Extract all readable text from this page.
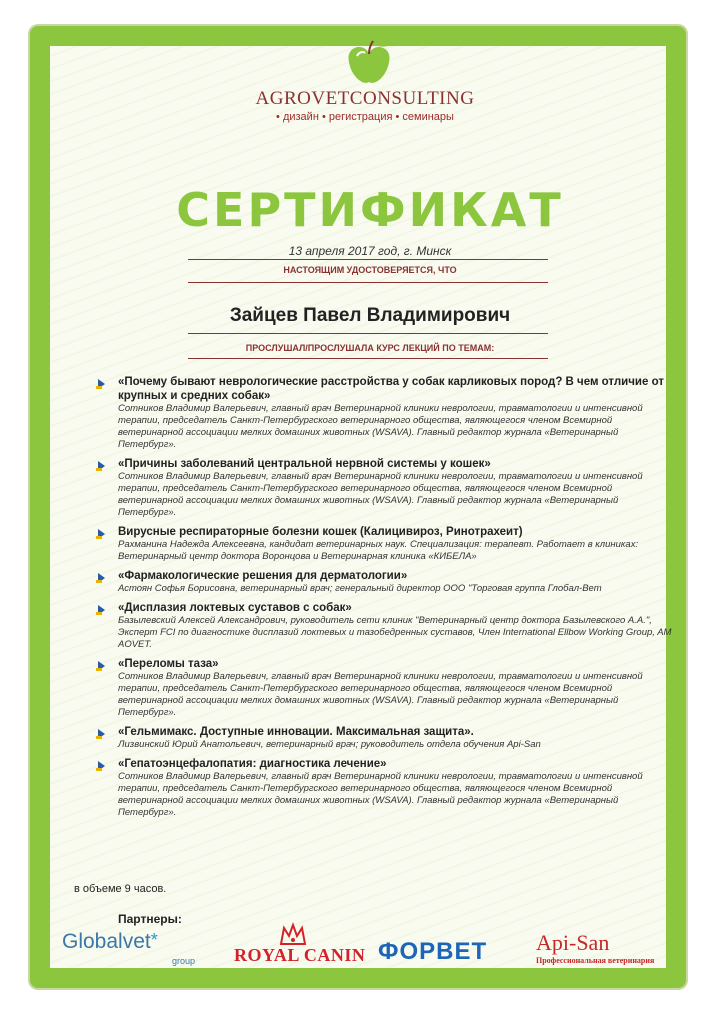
AGROVETCONSULTING
• дизайн • регистрация • семинары
СЕРТИФИКАТ
13 апреля 2017 год, г. Минск
НАСТОЯЩИМ УДОСТОВЕРЯЕТСЯ, ЧТО
Зайцев Павел Владимирович
ПРОСЛУШАЛ/ПРОСЛУШАЛА КУРС ЛЕКЦИЙ ПО ТЕМАМ:
«Почему бывают неврологические расстройства у собак карликовых пород? В чем отличие от крупных и средних собак»
Сотников Владимир Валерьевич, главный врач Ветеринарной клиники неврологии, травматологии и интенсивной терапии, председатель Санкт-Петербургского ветеринарного общества, являющегося членом Всемирной ветеринарной ассоциации мелких домашних животных (WSAVA). Главный редактор журнала «Ветеринарный Петербург».
«Причины заболеваний центральной нервной системы у кошек»
Сотников Владимир Валерьевич, главный врач Ветеринарной клиники неврологии, травматологии и интенсивной терапии, председатель Санкт-Петербургского ветеринарного общества, являющегося членом Всемирной ветеринарной ассоциации мелких домашних животных (WSAVA). Главный редактор журнала «Ветеринарный Петербург».
Вирусные респираторные болезни кошек (Калицивироз, Ринотрахеит)
Рахманина Надежда Алексеевна, кандидат ветеринарных наук. Специализация: терапевт. Работает в клиниках: Ветеринарный центр доктора Воронцова и Ветеринарная клиника «КИБЕЛА»
«Фармакологические решения для дерматологии»
Астоян Софья Борисовна, ветеринарный врач; генеральный директор ООО "Торговая группа Глобал-Вет
«Дисплазия локтевых суставов с собак»
Базылевский Алексей Александрович, руководитель сети клиник "Ветеринарный центр доктора Базылевского А.А.", Эксперт FCI по диагностике дисплазий локтевых и тазобедренных суставов, Член International Ellbow Working Group, AM AOVET.
«Переломы таза»
Сотников Владимир Валерьевич, главный врач Ветеринарной клиники неврологии, травматологии и интенсивной терапии, председатель Санкт-Петербургского ветеринарного общества, являющегося членом Всемирной ветеринарной ассоциации мелких домашних животных (WSAVA). Главный редактор журнала «Ветеринарный Петербург».
«Гельмимакс. Доступные инновации. Максимальная защита».
Лизвинский Юрий Анатольевич, ветеринарный врач; руководитель отдела обучения Api-San
«Гепатоэнцефалопатия: диагностика лечение»
Сотников Владимир Валерьевич, главный врач Ветеринарной клиники неврологии, травматологии и интенсивной терапии, председатель Санкт-Петербургского ветеринарного общества, являющегося членом Всемирной ветеринарной ассоциации мелких домашних животных (WSAVA). Главный редактор журнала «Ветеринарный Петербург».
в объеме 9 часов.
Партнеры:
Globalvet*
group ROYAL CANIN ФОРВЕТ Api-San
Профессиональная ветеринария
